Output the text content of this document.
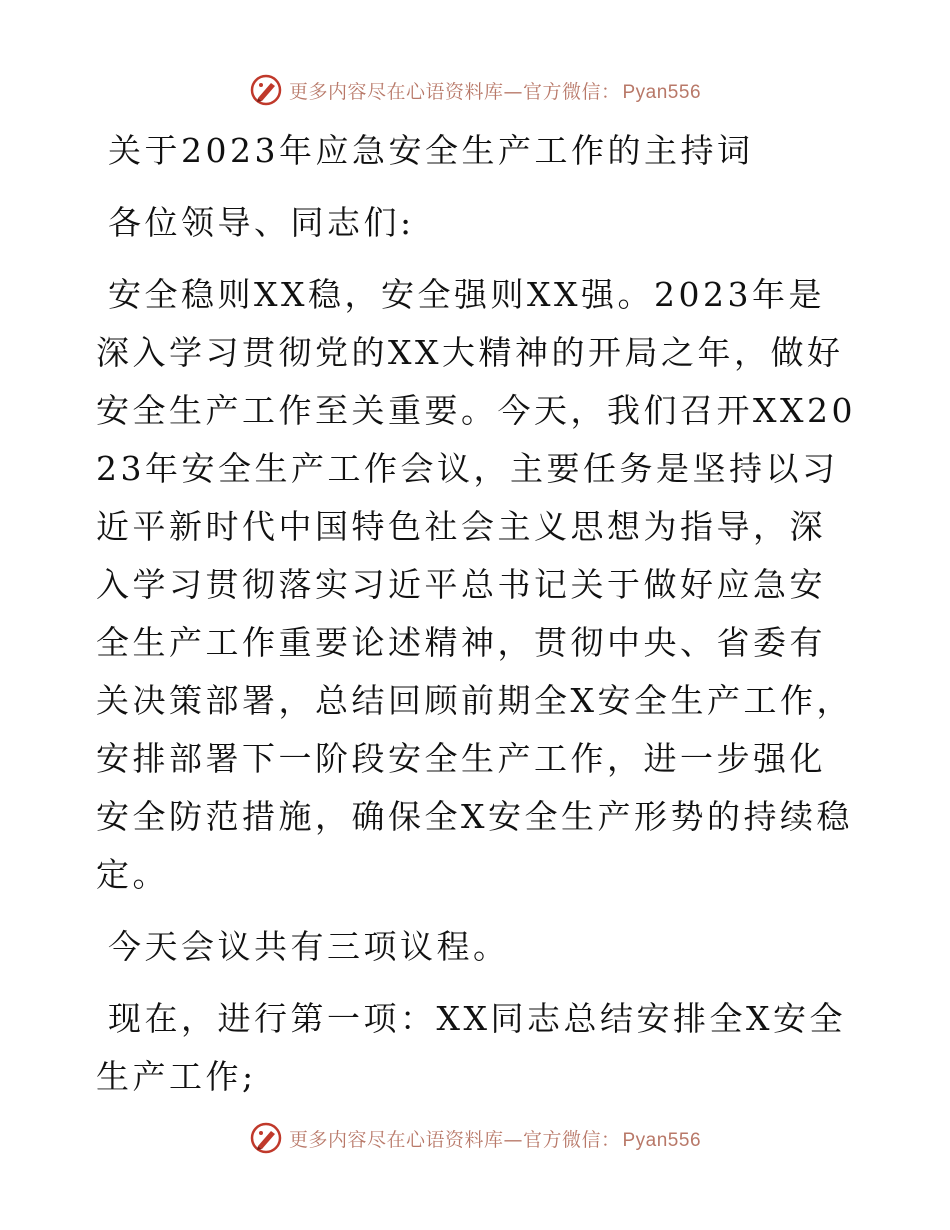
更多内容尽在心语资料库—官方微信： Pyan556

关于2023年应急安全生产工作的主持词

各位领导、同志们:

安全稳则XX稳，安全强则XX强。2023年是深入学习贯彻党的XX大精神的开局之年，做好安全生产工作至关重要。今天，我们召开XX2023年安全生产工作会议，主要任务是坚持以习近平新时代中国特色社会主义思想为指导，深入学习贯彻落实习近平总书记关于做好应急安全生产工作重要论述精神，贯彻中央、省委有关决策部署，总结回顾前期全X安全生产工作，安排部署下一阶段安全生产工作，进一步强化安全防范措施，确保全X安全生产形势的持续稳定。

今天会议共有三项议程。

现在，进行第一项：XX同志总结安排全X安全生产工作;

更多内容尽在心语资料库—官方微信： Pyan556
